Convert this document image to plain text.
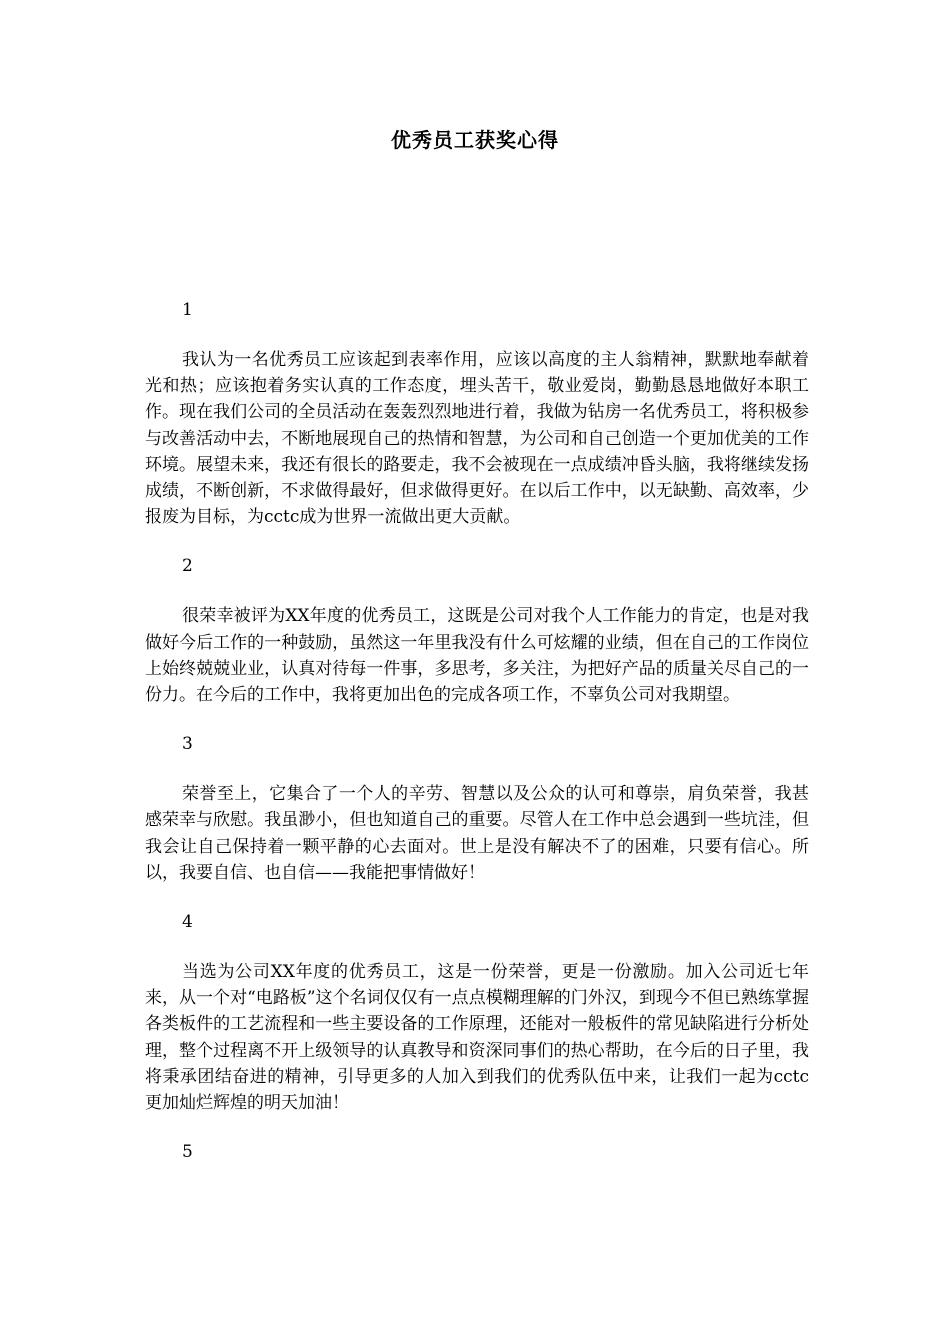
优秀员工获奖心得
1

我认为一名优秀员工应该起到表率作用，应该以高度的主人翁精神，默默地奉献着光和热；应该抱着务实认真的工作态度，埋头苦干，敬业爱岗，勤勤恳恳地做好本职工作。现在我们公司的全员活动在轰轰烈烈地进行着，我做为钻房一名优秀员工，将积极参与改善活动中去，不断地展现自己的热情和智慧，为公司和自己创造一个更加优美的工作环境。展望未来，我还有很长的路要走，我不会被现在一点成绩冲昏头脑，我将继续发扬成绩，不断创新，不求做得最好，但求做得更好。在以后工作中，以无缺勤、高效率，少报废为目标，为cctc成为世界一流做出更大贡献。

2

很荣幸被评为XX年度的优秀员工，这既是公司对我个人工作能力的肯定，也是对我做好今后工作的一种鼓励，虽然这一年里我没有什么可炫耀的业绩，但在自己的工作岗位上始终兢兢业业，认真对待每一件事，多思考，多关注，为把好产品的质量关尽自己的一份力。在今后的工作中，我将更加出色的完成各项工作，不辜负公司对我期望。

3

荣誉至上，它集合了一个人的辛劳、智慧以及公众的认可和尊崇，肩负荣誉，我甚感荣幸与欣慰。我虽渺小，但也知道自己的重要。尽管人在工作中总会遇到一些坑洼，但我会让自己保持着一颗平静的心去面对。世上是没有解决不了的困难，只要有信心。所以，我要自信、也自信——我能把事情做好！

4

当选为公司XX年度的优秀员工，这是一份荣誉，更是一份激励。加入公司近七年来，从一个对“电路板”这个名词仅仅有一点点模糊理解的门外汉，到现今不但已熟练掌握各类板件的工艺流程和一些主要设备的工作原理，还能对一般板件的常见缺陷进行分析处理，整个过程离不开上级领导的认真教导和资深同事们的热心帮助，在今后的日子里，我将秉承团结奋进的精神，引导更多的人加入到我们的优秀队伍中来，让我们一起为cctc更加灿烂辉煌的明天加油！

5
